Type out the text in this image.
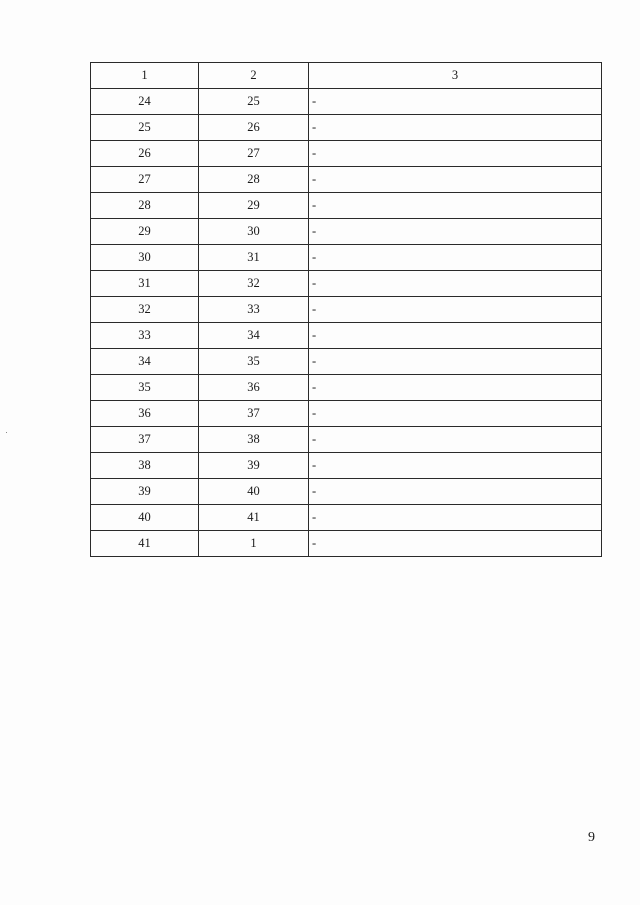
1	2	3
24	25	-
25	26	-
26	27	-
27	28	-
28	29	-
29	30	-
30	31	-
31	32	-
32	33	-
33	34	-
34	35	-
35	36	-
36	37	-
37	38	-
38	39	-
39	40	-
40	41	-
41	1	-
9
